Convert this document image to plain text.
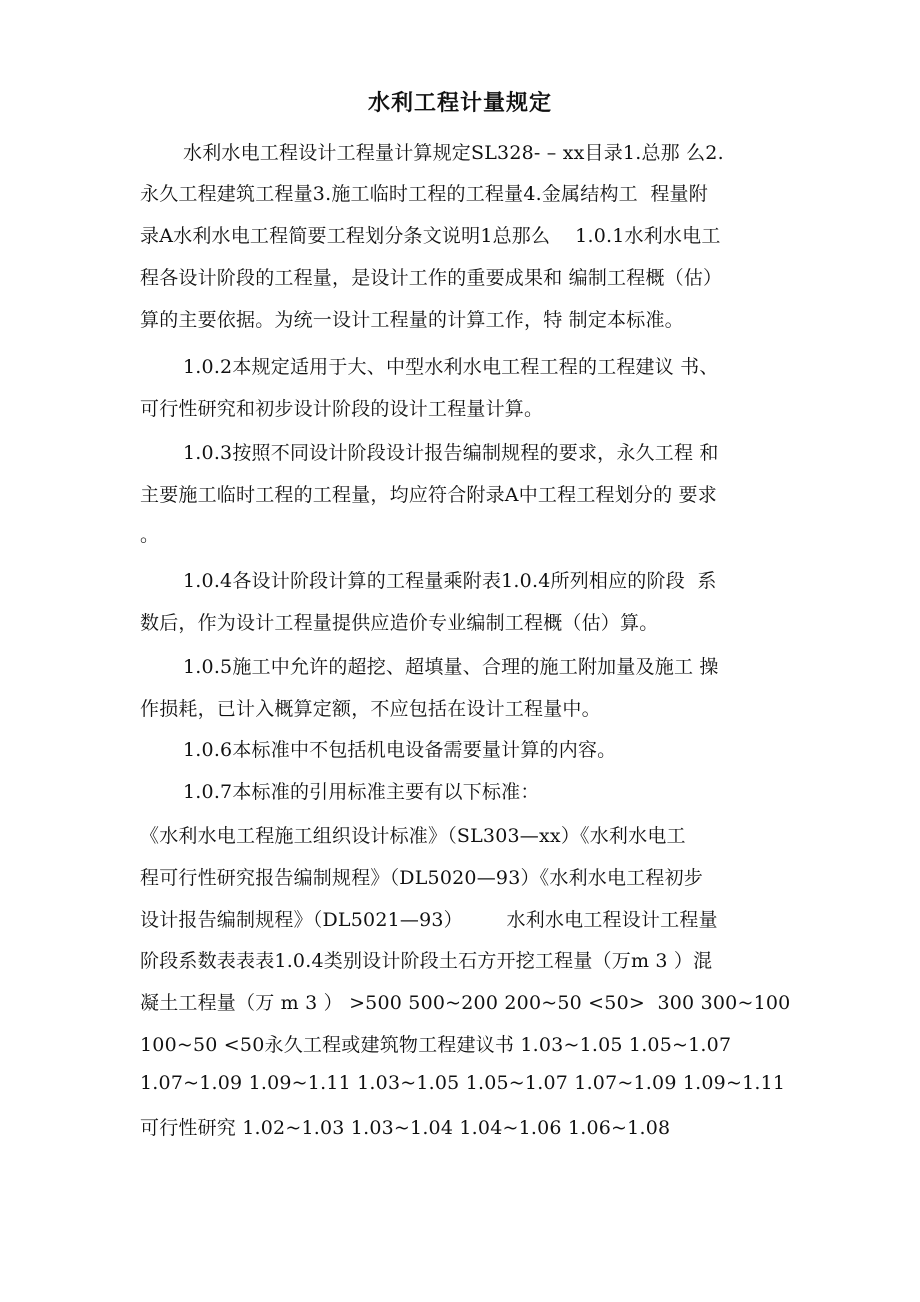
水利工程计量规定
水利水电工程设计工程量计算规定SL328- – xx目录1.总那 么2.
永久工程建筑工程量3.施工临时工程的工程量4.金属结构工  程量附
录A水利水电工程简要工程划分条文说明1总那么    1.0.1水利水电工
程各设计阶段的工程量，是设计工作的重要成果和 编制工程概（估）
算的主要依据。为统一设计工程量的计算工作，特 制定本标准。
1.0.2本规定适用于大、中型水利水电工程工程的工程建议 书、
可行性研究和初步设计阶段的设计工程量计算。
1.0.3按照不同设计阶段设计报告编制规程的要求，永久工程 和
主要施工临时工程的工程量，均应符合附录A中工程工程划分的 要求
。
1.0.4各设计阶段计算的工程量乘附表1.0.4所列相应的阶段  系
数后，作为设计工程量提供应造价专业编制工程概（估）算。
1.0.5施工中允许的超挖、超填量、合理的施工附加量及施工 操
作损耗，已计入概算定额，不应包括在设计工程量中。
1.0.6本标准中不包括机电设备需要量计算的内容。
1.0.7本标准的引用标准主要有以下标准：
《水利水电工程施工组织设计标准》（SL303—xx）《水利水电工
程可行性研究报告编制规程》（DL5020—93）《水利水电工程初步
设计报告编制规程》（DL5021—93）       水利水电工程设计工程量
阶段系数表表表1.0.4类别设计阶段土石方开挖工程量（万m 3 ）混
凝土工程量（万 m 3 ） >500 500~200 200~50 <50>  300 300~100
100~50 <50永久工程或建筑物工程建议书 1.03~1.05 1.05~1.07
1.07~1.09 1.09~1.11 1.03~1.05 1.05~1.07 1.07~1.09 1.09~1.11
可行性研究 1.02~1.03 1.03~1.04 1.04~1.06 1.06~1.08
